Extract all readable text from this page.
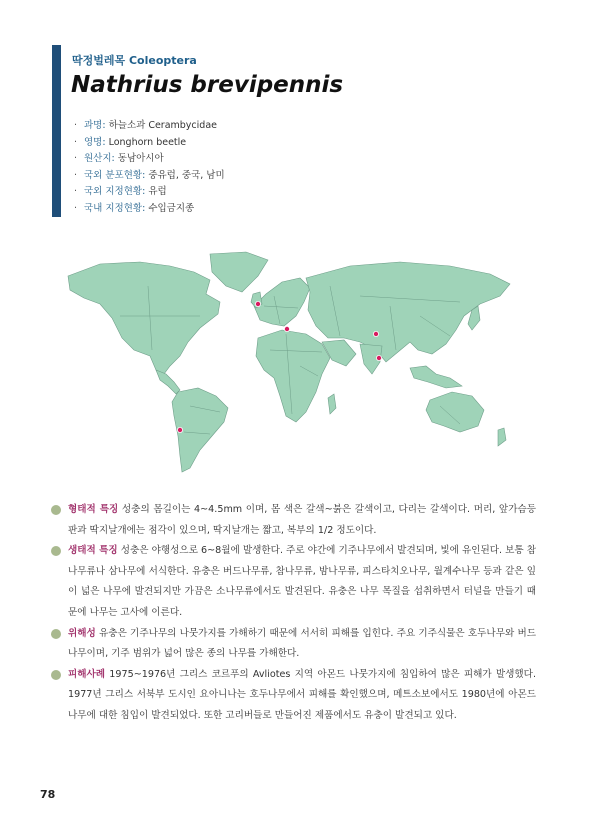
딱정벌레목 Coleoptera
Nathrius brevipennis
· 과명: 하늘소과 Cerambycidae
· 영명: Longhorn beetle
· 원산지: 동남아시아
· 국외 분포현황: 중유럽, 중국, 남미
· 국외 지정현황: 유럽
· 국내 지정현황: 수입금지종
형태적 특징 성충의 몸길이는 4~4.5mm 이며, 몸 색은 갈색~붉은 갈색이고, 다리는 갈색이다. 머리, 앞가슴등판과 딱지날개에는 점각이 있으며, 딱지날개는 짧고, 복부의 1/2 정도이다.
생태적 특징 성충은 야행성으로 6~8월에 발생한다. 주로 야간에 기주나무에서 발견되며, 빛에 유인된다. 보통 참나무류나 삼나무에 서식한다. 유충은 버드나무류, 참나무류, 밤나무류, 피스타치오나무, 월계수나무 등과 같은 잎이 넓은 나무에 발견되지만 가끔은 소나무류에서도 발견된다. 유충은 나무 목질을 섭취하면서 터널을 만들기 때문에 나무는 고사에 이른다.
위해성 유충은 기주나무의 나뭇가지를 가해하기 때문에 서서히 피해를 입힌다. 주요 기주식물은 호두나무와 버드나무이며, 기주 범위가 넓어 많은 종의 나무를 가해한다.
피해사례 1975~1976년 그리스 코르푸의 Avliotes 지역 아몬드 나뭇가지에 침입하여 많은 피해가 발생했다. 1977년 그리스 서북부 도시인 요아니나는 호두나무에서 피해를 확인했으며, 메트소보에서도 1980년에 아몬드나무에 대한 침입이 발견되었다. 또한 고리버들로 만들어진 제품에서도 유충이 발견되고 있다.
78
